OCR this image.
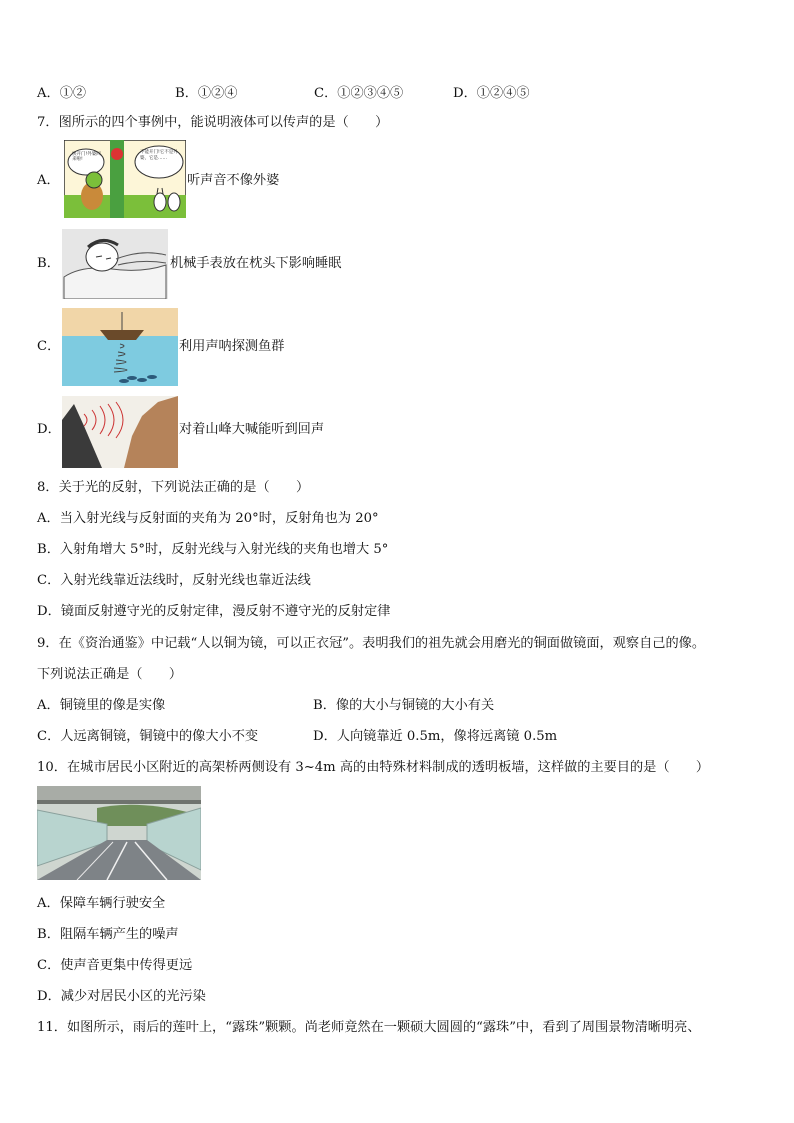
A．①②	B．①②④	C．①②③④⑤	D．①②④⑤
7．图所示的四个事例中，能说明液体可以传声的是（　　）
A．
快开门!外婆回来啦!
不能开门!它不是外婆，它是……
听声音不像外婆
B．	机械手表放在枕头下影响睡眠
C．	利用声呐探测鱼群
D．	对着山峰大喊能听到回声
8．关于光的反射，下列说法正确的是（　　）
A．当入射光线与反射面的夹角为 20°时，反射角也为 20°
B．入射角增大 5°时，反射光线与入射光线的夹角也增大 5°
C．入射光线靠近法线时，反射光线也靠近法线
D．镜面反射遵守光的反射定律，漫反射不遵守光的反射定律
9．在《资治通鉴》中记载“人以铜为镜，可以正衣冠”。表明我们的祖先就会用磨光的铜面做镜面，观察自己的像。
下列说法正确是（　　）
A．铜镜里的像是实像	B．像的大小与铜镜的大小有关
C．人远离铜镜，铜镜中的像大小不变	D．人向镜靠近 0.5m，像将远离镜 0.5m
10．在城市居民小区附近的高架桥两侧设有 3~4m 高的由特殊材料制成的透明板墙，这样做的主要目的是（　　）
A．保障车辆行驶安全
B．阻隔车辆产生的噪声
C．使声音更集中传得更远
D．减少对居民小区的光污染
11．如图所示，雨后的莲叶上，“露珠”颗颗。尚老师竟然在一颗硕大圆圆的“露珠”中，看到了周围景物清晰明亮、
